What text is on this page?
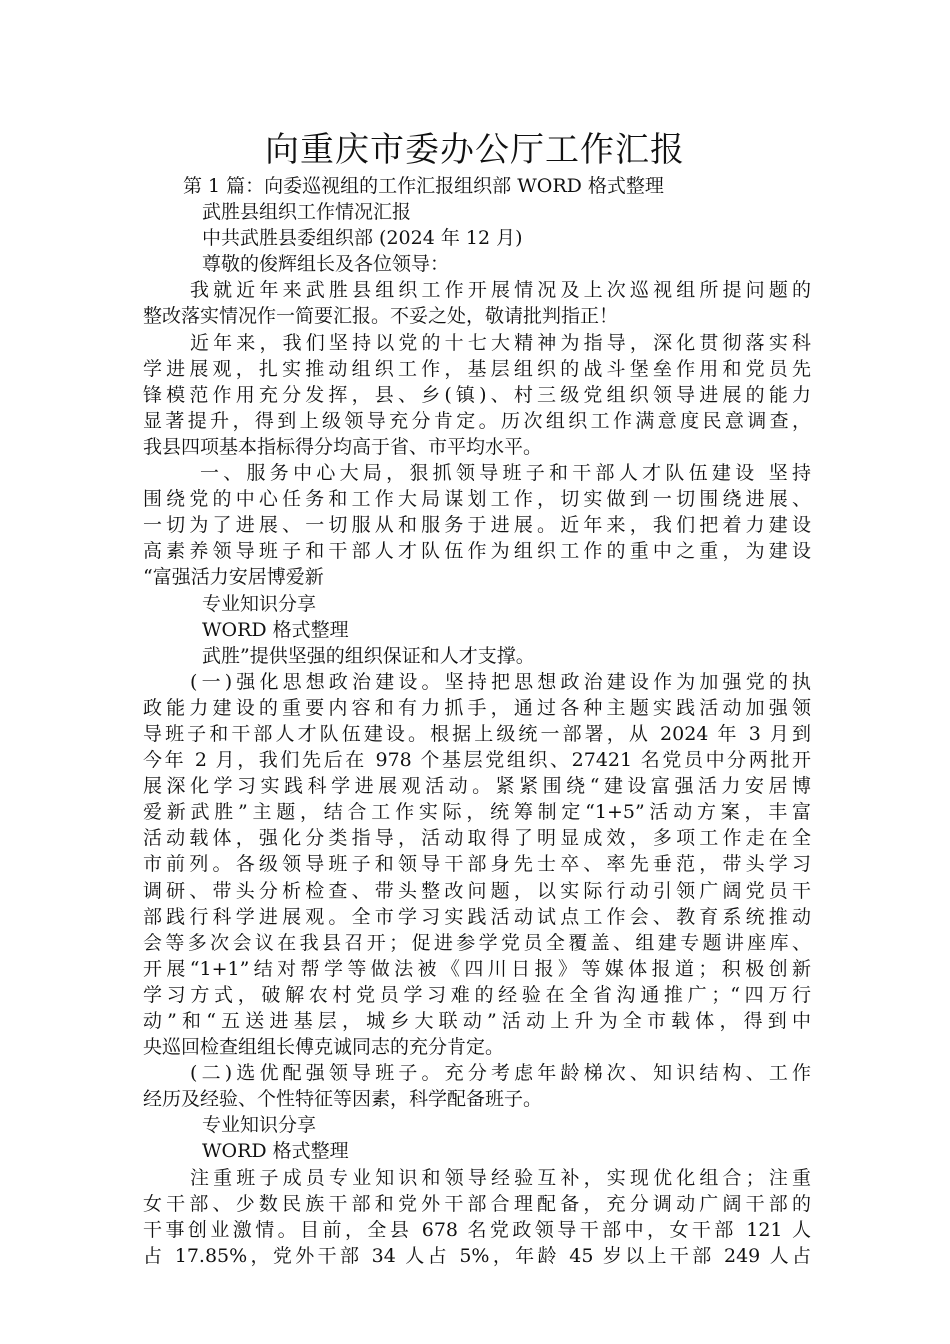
向重庆市委办公厅工作汇报
第 1 篇：向委巡视组的工作汇报组织部 WORD 格式整理
武胜县组织工作情况汇报
中共武胜县委组织部 (2024 年 12 月)
尊敬的俊辉组长及各位领导：
我就近年来武胜县组织工作开展情况及上次巡视组所提问题的
整改落实情况作一简要汇报。不妥之处，敬请批判指正！
近年来，我们坚持以党的十七大精神为指导，深化贯彻落实科
学进展观，扎实推动组织工作，基层组织的战斗堡垒作用和党员先
锋模范作用充分发挥，县、乡(镇)、村三级党组织领导进展的能力
显著提升，得到上级领导充分肯定。历次组织工作满意度民意调查，
我县四项基本指标得分均高于省、市平均水平。
一、服务中心大局，狠抓领导班子和干部人才队伍建设 坚持
围绕党的中心任务和工作大局谋划工作，切实做到一切围绕进展、
一切为了进展、一切服从和服务于进展。近年来，我们把着力建设
高素养领导班子和干部人才队伍作为组织工作的重中之重，为建设
“富强活力安居博爱新
专业知识分享
WORD 格式整理
武胜”提供坚强的组织保证和人才支撑。
(一)强化思想政治建设。坚持把思想政治建设作为加强党的执
政能力建设的重要内容和有力抓手，通过各种主题实践活动加强领
导班子和干部人才队伍建设。根据上级统一部署，从 2024 年 3 月到
今年 2 月，我们先后在 978 个基层党组织、27421 名党员中分两批开
展深化学习实践科学进展观活动。紧紧围绕“建设富强活力安居博
爱新武胜”主题，结合工作实际，统筹制定“1+5”活动方案，丰富
活动载体，强化分类指导，活动取得了明显成效，多项工作走在全
市前列。各级领导班子和领导干部身先士卒、率先垂范，带头学习
调研、带头分析检查、带头整改问题，以实际行动引领广阔党员干
部践行科学进展观。全市学习实践活动试点工作会、教育系统推动
会等多次会议在我县召开；促进参学党员全覆盖、组建专题讲座库、
开展“1+1”结对帮学等做法被《四川日报》等媒体报道；积极创新
学习方式，破解农村党员学习难的经验在全省沟通推广；“四万行
动”和“五送进基层，城乡大联动”活动上升为全市载体，得到中
央巡回检查组组长傅克诚同志的充分肯定。
(二)选优配强领导班子。充分考虑年龄梯次、知识结构、工作
经历及经验、个性特征等因素，科学配备班子。
专业知识分享
WORD 格式整理
注重班子成员专业知识和领导经验互补，实现优化组合；注重
女干部、少数民族干部和党外干部合理配备，充分调动广阔干部的
干事创业激情。目前，全县 678 名党政领导干部中，女干部 121 人
占 17.85%，党外干部 34 人占 5%，年龄 45 岁以上干部 249 人占
